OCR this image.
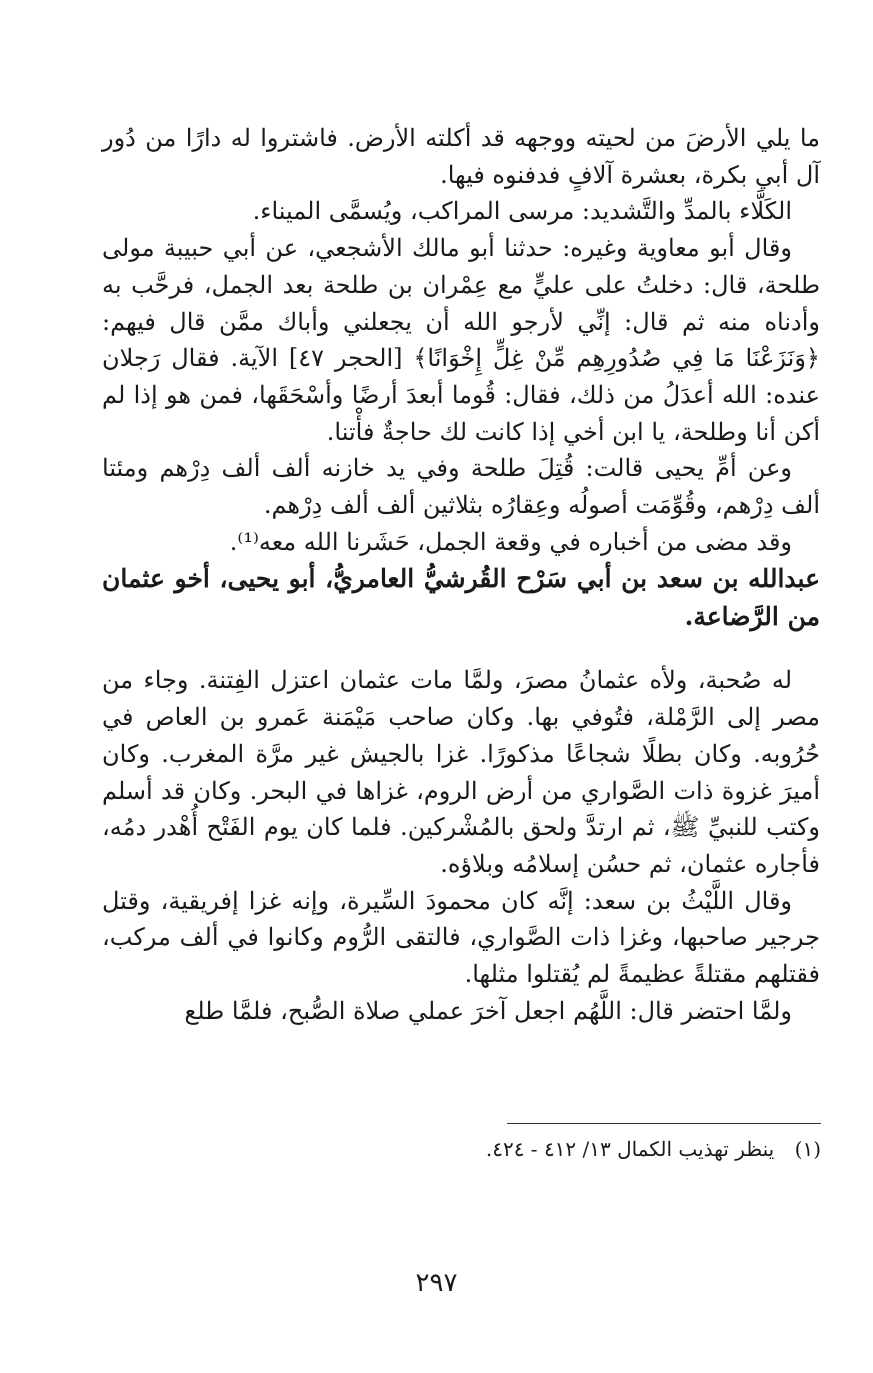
ما يلي الأرضَ من لحيته ووجهه قد أكلته الأرض. فاشتروا له دارًا من دُور آل أبي بكرة، بعشرة آلافٍ فدفنوه فيها.

الكَلَّاء بالمدِّ والتَّشديد: مرسى المراكب، ويُسمَّى الميناء.

وقال أبو معاوية وغيره: حدثنا أبو مالك الأشجعي، عن أبي حبيبة مولى طلحة، قال: دخلتُ على عليٍّ مع عِمْران بن طلحة بعد الجمل، فرحَّب به وأدناه منه ثم قال: إنِّي لأرجو الله أن يجعلني وأباك ممَّن قال فيهم: ﴿وَنَزَعْنَا مَا فِي صُدُورِهِم مِّنْ غِلٍّ إِخْوَانًا﴾ [الحجر ٤٧] الآية. فقال رَجلان عنده: الله أعدَلُ من ذلك، فقال: قُوما أبعدَ أرضًا وأسْحَقَها، فمن هو إذا لم أكن أنا وطلحة، يا ابن أخي إذا كانت لك حاجةٌ فأْتنا.

وعن أمِّ يحيى قالت: قُتِلَ طلحة وفي يد خازنه ألف ألف دِرْهم ومئتا ألف دِرْهم، وقُوِّمَت أصولُه وعِقارُه بثلاثين ألف ألف دِرْهم.

وقد مضى من أخباره في وقعة الجمل، حَشَرنا الله معه⁽¹⁾.

عبدالله بن سعد بن أبي سَرْح القُرشيُّ العامريُّ، أبو يحيى، أخو عثمان من الرَّضاعة.

له صُحبة، ولأه عثمانُ مصرَ، ولمَّا مات عثمان اعتزل الفِتنة. وجاء من مصر إلى الرَّمْلة، فتُوفي بها. وكان صاحب مَيْمَنة عَمرو بن العاص في حُرُوبه. وكان بطلًا شجاعًا مذكورًا. غزا بالجيش غير مرَّة المغرب. وكان أميرَ غزوة ذات الصَّواري من أرض الروم، غزاها في البحر. وكان قد أسلم وكتب للنبيِّ ﷺ، ثم ارتدَّ ولحق بالمُشْركين. فلما كان يوم الفَتْح أُهْدر دمُه، فأجاره عثمان، ثم حسُن إسلامُه وبلاؤه.

وقال اللَّيْثُ بن سعد: إنَّه كان محمودَ السِّيرة، وإنه غزا إفريقية، وقتل جرجير صاحبها، وغزا ذات الصَّواري، فالتقى الرُّوم وكانوا في ألف مركب، فقتلهم مقتلةً عظيمةً لم يُقتلوا مثلها.

ولمَّا احتضر قال: اللَّهُم اجعل آخرَ عملي صلاة الصُّبح، فلمَّا طلع

(١) ينظر تهذيب الكمال ١٣/ ٤١٢ - ٤٢٤.
٢٩٧
